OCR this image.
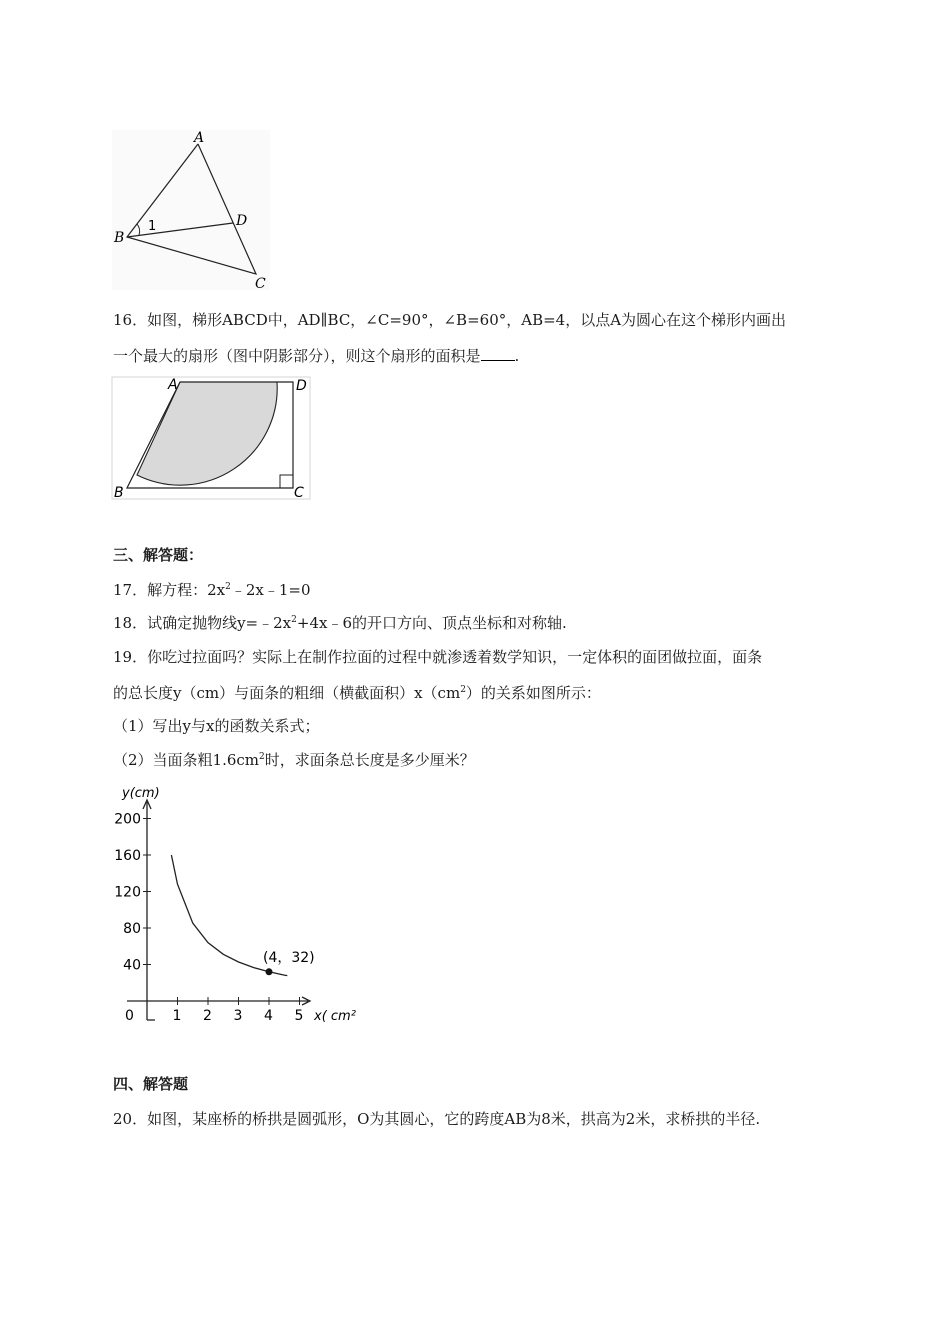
A
B
C
D
1
16．如图，梯形ABCD中，AD∥BC，∠C=90°，∠B=60°，AB=4，以点A为圆心在这个梯形内画出
一个最大的扇形（图中阴影部分），则这个扇形的面积是 .
A	D
B	C
三、解答题：
17．解方程：$2x^2﹣2x﹣1=0$
18．试确定抛物线$y=﹣2x^2+4x﹣6$的开口方向、顶点坐标和对称轴.
19．你吃过拉面吗？实际上在制作拉面的过程中就渗透着数学知识，一定体积的面团做拉面，面条
的总长度y（cm）与面条的粗细（横截面积）$x(cm^2)$的关系如图所示：
（1）写出y与x的函数关系式；
（2）当面条粗$1.6cm^2$时，求面条总长度是多少厘米？
y(cm)
x( cm²
0	1 2 3 4 5
40
80
120
160
200
(4，32)
四、解答题
20．如图，某座桥的桥拱是圆弧形，O为其圆心，它的跨度AB为8米，拱高为2米，求桥拱的半径.
